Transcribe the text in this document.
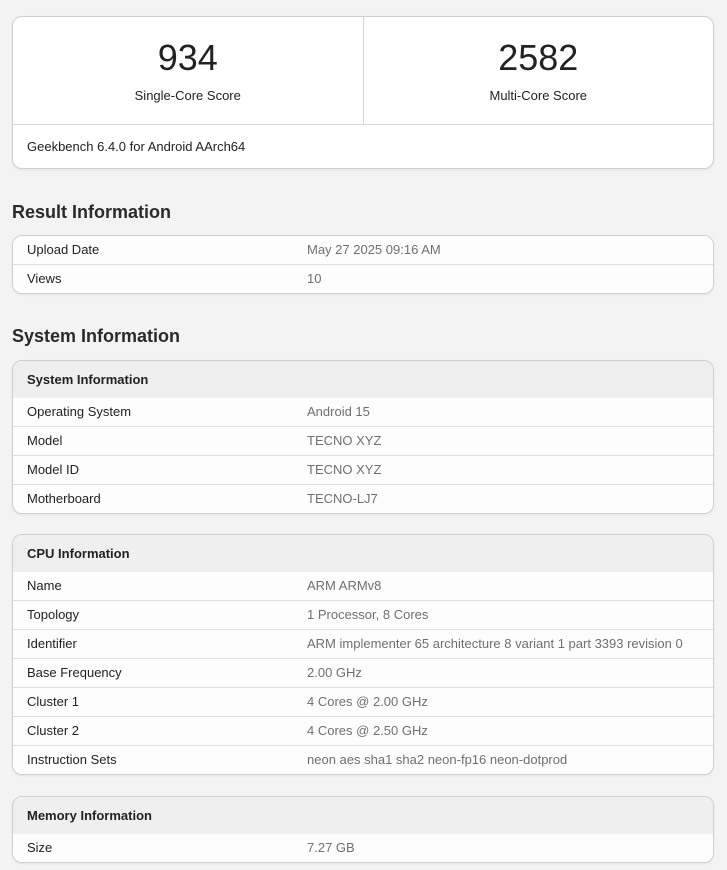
934
Single-Core Score
2582
Multi-Core Score
Geekbench 6.4.0 for Android AArch64
Result Information
Upload Date	May 27 2025 09:16 AM
Views	10
System Information
System Information
Operating System	Android 15
Model	TECNO XYZ
Model ID	TECNO XYZ
Motherboard	TECNO-LJ7
CPU Information
Name	ARM ARMv8
Topology	1 Processor, 8 Cores
Identifier	ARM implementer 65 architecture 8 variant 1 part 3393 revision 0
Base Frequency	2.00 GHz
Cluster 1	4 Cores @ 2.00 GHz
Cluster 2	4 Cores @ 2.50 GHz
Instruction Sets	neon aes sha1 sha2 neon-fp16 neon-dotprod
Memory Information
Size	7.27 GB
